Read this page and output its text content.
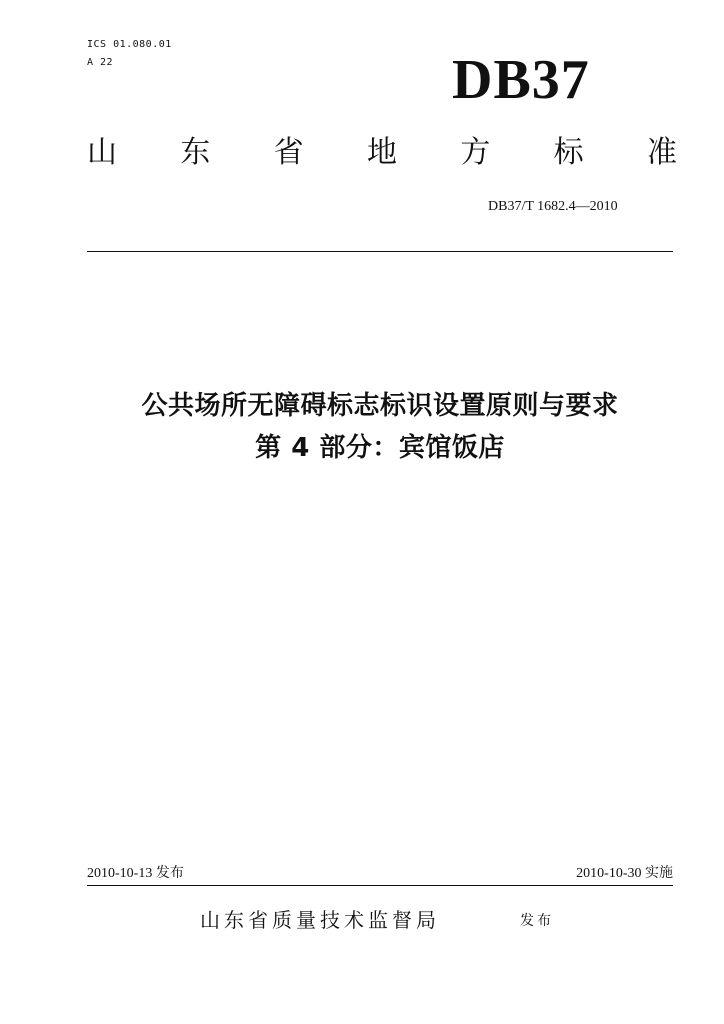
ICS 01.080.01
A 22	DB37
山 东 省 地 方 标 准
DB37/T 1682.4—2010
公共场所无障碍标志标识设置原则与要求
第 4 部分：宾馆饭店
2010-10-13 发布	2010-10-30 实施
山东省质量技术监督局	发布
